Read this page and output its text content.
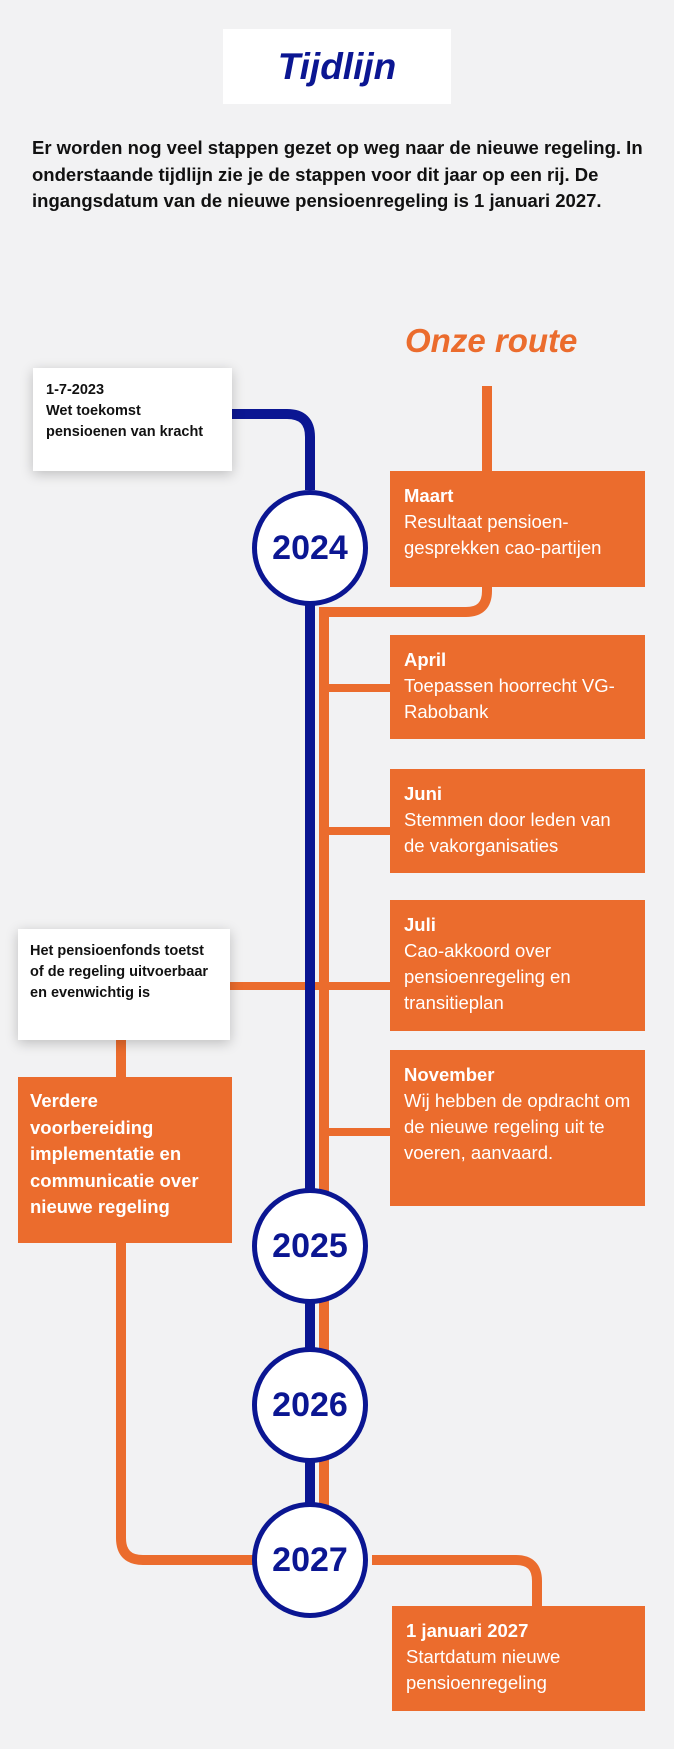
Tijdlijn
Er worden nog veel stappen gezet op weg naar de nieuwe regeling. In onderstaande tijdlijn zie je de stappen voor dit jaar op een rij. De ingangsdatum van de nieuwe pensioenregeling is 1 januari 2027.
Onze route
1-7-2023
Wet toekomst pensioenen van kracht
Het pensioenfonds toetst of de regeling uitvoerbaar en evenwichtig is
Maart
Resultaat pensioen-gesprekken cao-partijen
April
Toepassen hoorrecht VG-Rabobank
Juni
Stemmen door leden van de vakorganisaties
Juli
Cao-akkoord over pensioenregeling en transitieplan
November
Wij hebben de opdracht om de nieuwe regeling uit te voeren, aanvaard.
Verdere voorbereiding implementatie en communicatie over nieuwe regeling
1 januari 2027
Startdatum nieuwe pensioenregeling
2024
2025
2026
2027
